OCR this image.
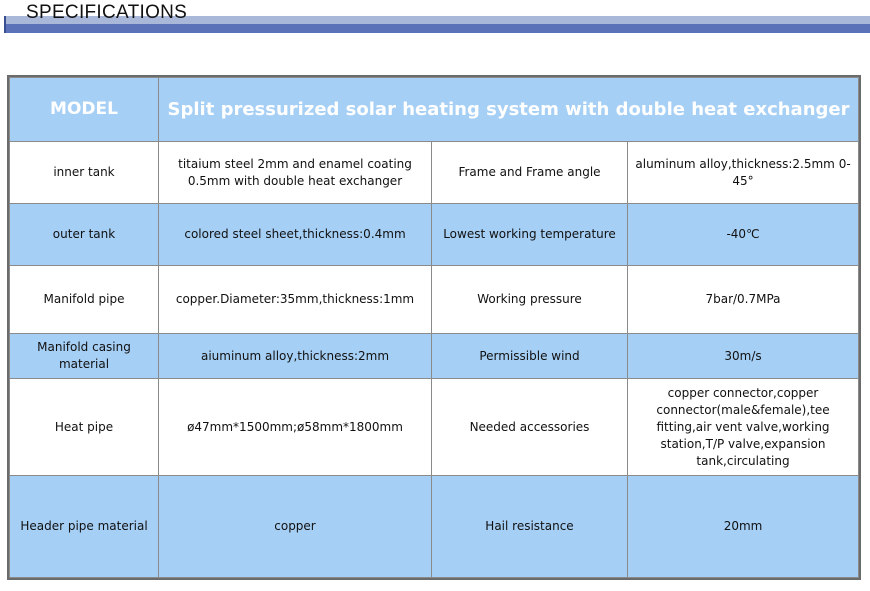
SPECIFICATIONS
MODEL	Split pressurized solar heating system with double heat exchanger		
inner tank	titaium steel 2mm and enamel coating 0.5mm with double heat exchanger	Frame and Frame angle	aluminum alloy,thickness:2.5mm 0-45°
outer tank	colored steel sheet,thickness:0.4mm	Lowest working temperature	-40℃
Manifold pipe	copper.Diameter:35mm,thickness:1mm	Working pressure	7bar/0.7MPa
Manifold casing material	aiuminum alloy,thickness:2mm	Permissible wind	30m/s
Heat pipe	ø47mm*1500mm;ø58mm*1800mm	Needed accessories	copper connector,copper connector(male&female),tee fitting,air vent valve,working station,T/P valve,expansion tank,circulating
Header pipe material	copper	Hail resistance	20mm
